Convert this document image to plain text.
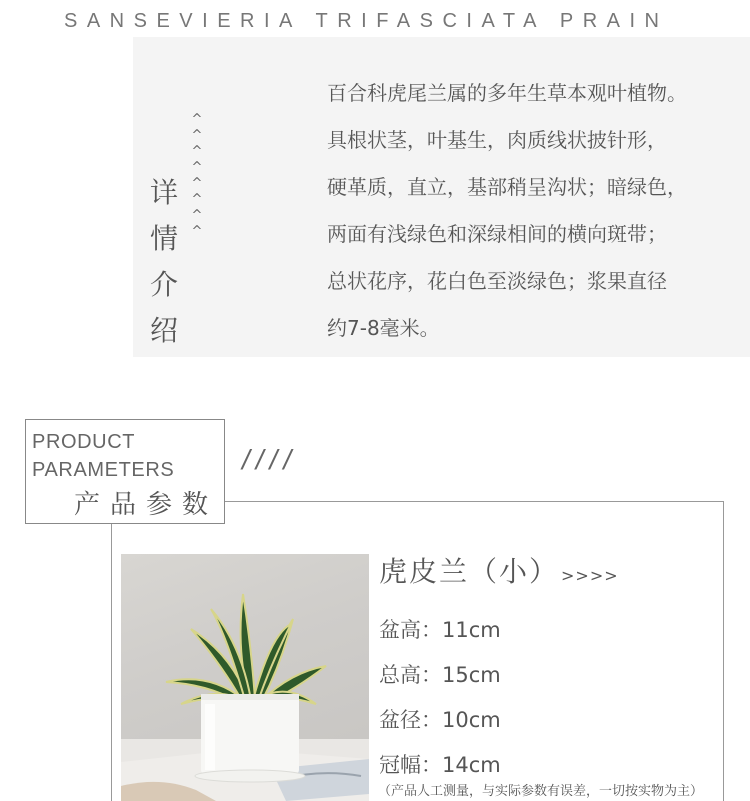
SANSEVIERIA TRIFASCIATA PRAIN
详
情
介
绍
^
^
^
^
^
^
^
^
百合科虎尾兰属的多年生草本观叶植物。
具根状茎，叶基生，肉质线状披针形，
硬革质，直立，基部稍呈沟状；暗绿色，
两面有浅绿色和深绿相间的横向斑带；
总状花序，花白色至淡绿色；浆果直径
约7-8毫米。
PRODUCT
PARAMETERS
产品参数
////
虎皮兰（小） >>>>
盆高：11cm
总高：15cm
盆径：10cm
冠幅：14cm
（产品人工测量，与实际参数有误差，一切按实物为主）
